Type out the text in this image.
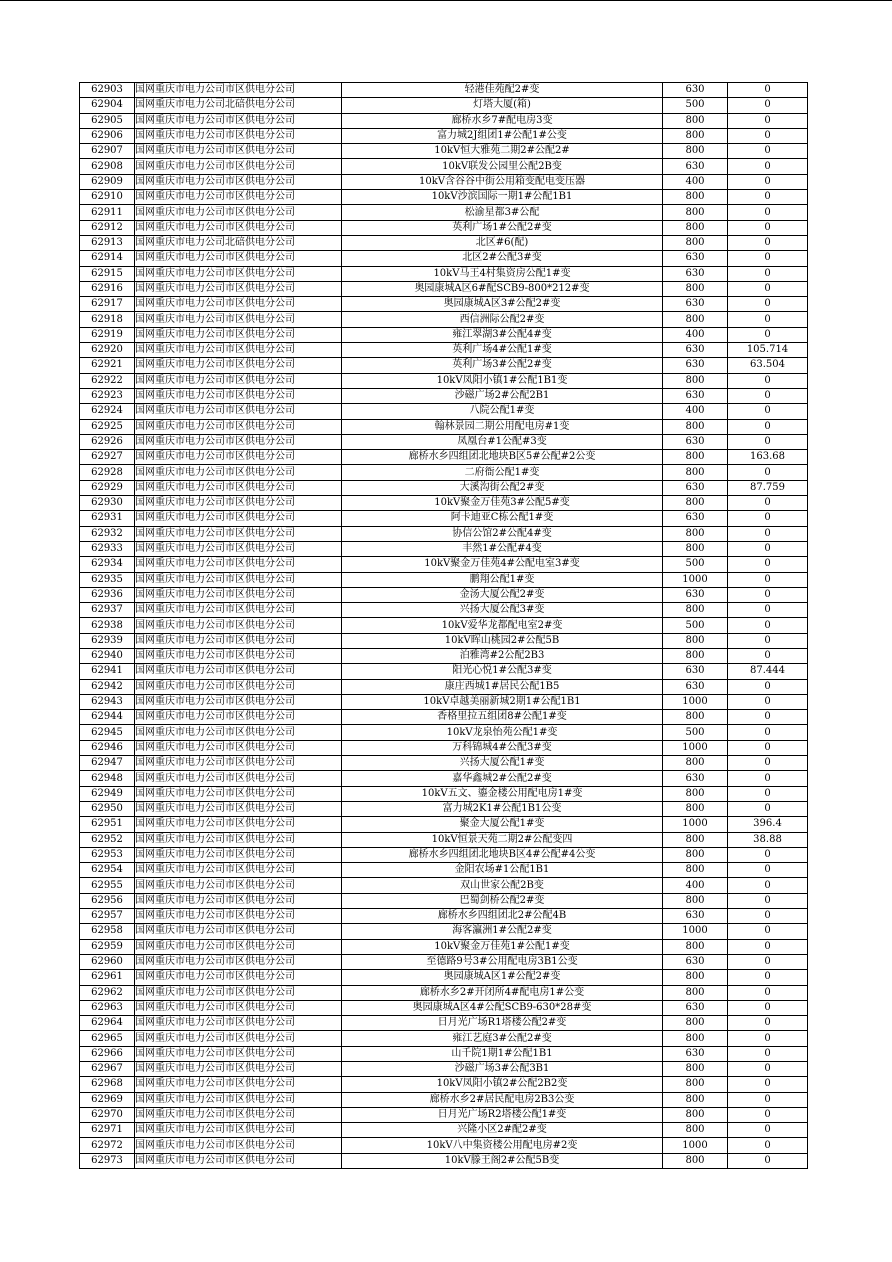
62903	国网重庆市电力公司市区供电分公司	轻港佳苑配2#变	630	0
62904	国网重庆市电力公司北碚供电分公司	灯塔大厦(箱)	500	0
62905	国网重庆市电力公司市区供电分公司	廊桥水乡7#配电房3变	800	0
62906	国网重庆市电力公司市区供电分公司	富力城2J组团1#公配1#公变	800	0
62907	国网重庆市电力公司市区供电分公司	10kV恒大雅苑二期2#公配2#	800	0
62908	国网重庆市电力公司市区供电分公司	10kV联发公园里公配2B变	630	0
62909	国网重庆市电力公司市区供电分公司	10kV含谷谷中街公用箱变配电变压器	400	0
62910	国网重庆市电力公司市区供电分公司	10kV沙滨国际一期1#公配1B1	800	0
62911	国网重庆市电力公司市区供电分公司	松渝星都3#公配	800	0
62912	国网重庆市电力公司市区供电分公司	英利广场1#公配2#变	800	0
62913	国网重庆市电力公司北碚供电分公司	北区#6(配)	800	0
62914	国网重庆市电力公司市区供电分公司	北区2#公配3#变	630	0
62915	国网重庆市电力公司市区供电分公司	10kV马王4村集资房公配1#变	630	0
62916	国网重庆市电力公司市区供电分公司	奥园康城A区6#配SCB9-800*212#变	800	0
62917	国网重庆市电力公司市区供电分公司	奥园康城A区3#公配2#变	630	0
62918	国网重庆市电力公司市区供电分公司	西信洲际公配2#变	800	0
62919	国网重庆市电力公司市区供电分公司	雍江翠湖3#公配4#变	400	0
62920	国网重庆市电力公司市区供电分公司	英利广场4#公配1#变	630	105.714
62921	国网重庆市电力公司市区供电分公司	英利广场3#公配2#变	630	63.504
62922	国网重庆市电力公司市区供电分公司	10kV凤阳小镇1#公配1B1变	800	0
62923	国网重庆市电力公司市区供电分公司	沙磁广场2#公配2B1	630	0
62924	国网重庆市电力公司市区供电分公司	八院公配1#变	400	0
62925	国网重庆市电力公司市区供电分公司	翰林景园二期公用配电房#1变	800	0
62926	国网重庆市电力公司市区供电分公司	凤凰台#1公配#3变	630	0
62927	国网重庆市电力公司市区供电分公司	廊桥水乡四组团北地块B区5#公配#2公变	800	163.68
62928	国网重庆市电力公司市区供电分公司	二府衙公配1#变	800	0
62929	国网重庆市电力公司市区供电分公司	大溪沟街公配2#变	630	87.759
62930	国网重庆市电力公司市区供电分公司	10kV聚金万佳苑3#公配5#变	800	0
62931	国网重庆市电力公司市区供电分公司	阿卡迪亚C栋公配1#变	630	0
62932	国网重庆市电力公司市区供电分公司	协信公馆2#公配4#变	800	0
62933	国网重庆市电力公司市区供电分公司	丰然1#公配#4变	800	0
62934	国网重庆市电力公司市区供电分公司	10kV聚金万佳苑4#公配电室3#变	500	0
62935	国网重庆市电力公司市区供电分公司	鹏翔公配1#变	1000	0
62936	国网重庆市电力公司市区供电分公司	金汤大厦公配2#变	630	0
62937	国网重庆市电力公司市区供电分公司	兴扬大厦公配3#变	800	0
62938	国网重庆市电力公司市区供电分公司	10kV爱华龙都配电室2#变	500	0
62939	国网重庆市电力公司市区供电分公司	10kV晖山桃园2#公配5B	800	0
62940	国网重庆市电力公司市区供电分公司	泊雅湾#2公配2B3	800	0
62941	国网重庆市电力公司市区供电分公司	阳光心悦1#公配3#变	630	87.444
62942	国网重庆市电力公司市区供电分公司	康庄西城1#居民公配1B5	630	0
62943	国网重庆市电力公司市区供电分公司	10kV卓越美丽新城2期1#公配1B1	1000	0
62944	国网重庆市电力公司市区供电分公司	香格里拉五组团8#公配1#变	800	0
62945	国网重庆市电力公司市区供电分公司	10kV龙泉怡苑公配1#变	500	0
62946	国网重庆市电力公司市区供电分公司	万科锦城4#公配3#变	1000	0
62947	国网重庆市电力公司市区供电分公司	兴扬大厦公配1#变	800	0
62948	国网重庆市电力公司市区供电分公司	嘉华鑫城2#公配2#变	630	0
62949	国网重庆市电力公司市区供电分公司	10kV五文、鎏金楼公用配电房1#变	800	0
62950	国网重庆市电力公司市区供电分公司	富力城2K1#公配1B1公变	800	0
62951	国网重庆市电力公司市区供电分公司	聚金大厦公配1#变	1000	396.4
62952	国网重庆市电力公司市区供电分公司	10kV恒景天苑二期2#公配变四	800	38.88
62953	国网重庆市电力公司市区供电分公司	廊桥水乡四组团北地块B区4#公配#4公变	800	0
62954	国网重庆市电力公司市区供电分公司	金阳农场#1公配1B1	800	0
62955	国网重庆市电力公司市区供电分公司	双山世家公配2B变	400	0
62956	国网重庆市电力公司市区供电分公司	巴蜀剑桥公配2#变	800	0
62957	国网重庆市电力公司市区供电分公司	廊桥水乡四组团北2#公配4B	630	0
62958	国网重庆市电力公司市区供电分公司	海客瀛洲1#公配2#变	1000	0
62959	国网重庆市电力公司市区供电分公司	10kV聚金万佳苑1#公配1#变	800	0
62960	国网重庆市电力公司市区供电分公司	至德路9号3#公用配电房3B1公变	630	0
62961	国网重庆市电力公司市区供电分公司	奥园康城A区1#公配2#变	800	0
62962	国网重庆市电力公司市区供电分公司	廊桥水乡2#开闭所4#配电房1#公变	800	0
62963	国网重庆市电力公司市区供电分公司	奥园康城A区4#公配SCB9-630*28#变	630	0
62964	国网重庆市电力公司市区供电分公司	日月光广场R1塔楼公配2#变	800	0
62965	国网重庆市电力公司市区供电分公司	雍江艺庭3#公配2#变	800	0
62966	国网重庆市电力公司市区供电分公司	山千院1期1#公配1B1	630	0
62967	国网重庆市电力公司市区供电分公司	沙磁广场3#公配3B1	800	0
62968	国网重庆市电力公司市区供电分公司	10kV凤阳小镇2#公配2B2变	800	0
62969	国网重庆市电力公司市区供电分公司	廊桥水乡2#居民配电房2B3公变	800	0
62970	国网重庆市电力公司市区供电分公司	日月光广场R2塔楼公配1#变	800	0
62971	国网重庆市电力公司市区供电分公司	兴隆小区2#配2#变	800	0
62972	国网重庆市电力公司市区供电分公司	10kV八中集资楼公用配电房#2变	1000	0
62973	国网重庆市电力公司市区供电分公司	10kV滕王阁2#公配5B变	800	0
